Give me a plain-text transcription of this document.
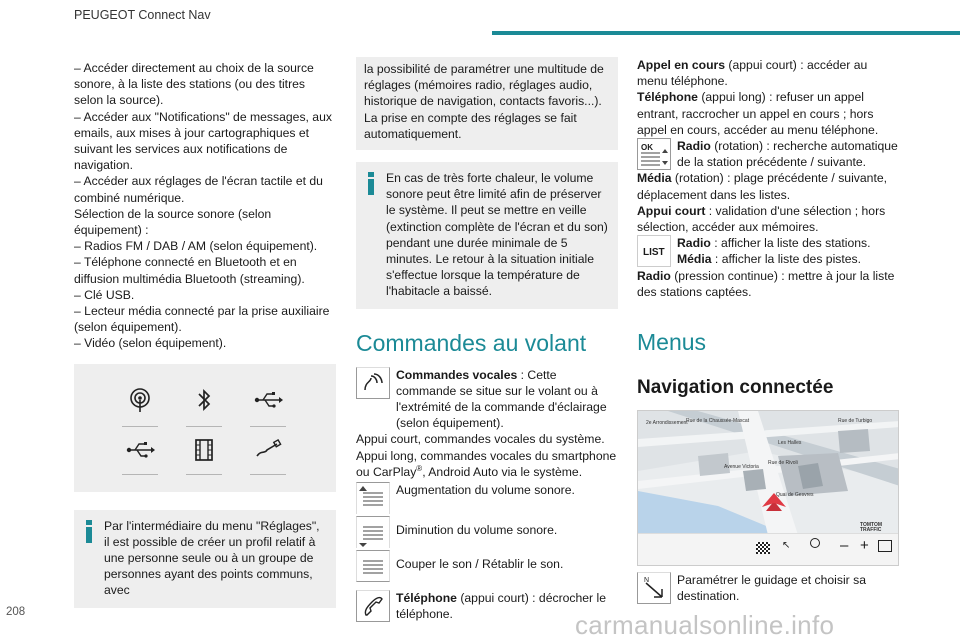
PEUGEOT Connect Nav

– Accéder directement au choix de la source sonore, à la liste des stations (ou des titres selon la source).

– Accéder aux "Notifications" de messages, aux emails, aux mises à jour cartographiques et suivant les services aux notifications de navigation.

– Accéder aux réglages de l'écran tactile et du combiné numérique.

Sélection de la source sonore (selon équipement) :

– Radios FM / DAB / AM (selon équipement).

– Téléphone connecté en Bluetooth et en diffusion multimédia Bluetooth (streaming).

– Clé USB.

– Lecteur média connecté par la prise auxiliaire (selon équipement).

– Vidéo (selon équipement).

Par l'intermédiaire du menu "Réglages", il est possible de créer un profil relatif à une personne seule ou à un groupe de personnes ayant des points communs, avec

la possibilité de paramétrer une multitude de réglages (mémoires radio, réglages audio, historique de navigation, contacts favoris...). La prise en compte des réglages se fait automatiquement.

En cas de très forte chaleur, le volume sonore peut être limité afin de préserver le système. Il peut se mettre en veille (extinction complète de l'écran et du son) pendant une durée minimale de 5 minutes. Le retour à la situation initiale s'effectue lorsque la température de l'habitacle a baissé.

Commandes au volant

Commandes vocales : Cette commande se situe sur le volant ou à l'extrémité de la commande d'éclairage (selon équipement).

Appui court, commandes vocales du système.

Appui long, commandes vocales du smartphone ou CarPlay®, Android Auto via le système.

Augmentation du volume sonore.

Diminution du volume sonore.

Couper le son / Rétablir le son.

Téléphone (appui court) : décrocher le téléphone.

Appel en cours (appui court) : accéder au menu téléphone.

Téléphone (appui long) : refuser un appel entrant, raccrocher un appel en cours ; hors appel en cours, accéder au menu téléphone.

OK Radio (rotation) : recherche automatique de la station précédente / suivante.

Média (rotation) : plage précédente / suivante, déplacement dans les listes.

Appui court : validation d'une sélection ; hors sélection, accéder aux mémoires.

LIST

Radio : afficher la liste des stations.

Média : afficher la liste des pistes.

Radio (pression continue) : mettre à jour la liste des stations captées.

Menus
Navigation connectée
2e Arrondissement
Rue de la Chaussée-Maxcat	Rue de Turbigo
Les Halles
Rue de Rivoli
Avenue Victoria
Quai de Gesvres
TOMTOM TRAFFIC
↖	– +
N Paramétrer le guidage et choisir sa destination.

208	carmanualsonline.info
